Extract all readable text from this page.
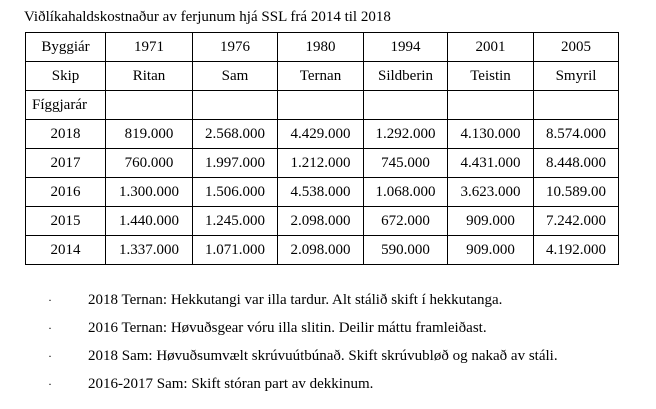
Viðlíkahaldskostnaður av ferjunum hjá SSL frá 2014 til 2018
Byggiár	1971	1976	1980	1994	2001	2005
Skip	Ritan	Sam	Ternan	Sildberin	Teistin	Smyril
Fíggjarár						
2018	819.000	2.568.000	4.429.000	1.292.000	4.130.000	8.574.000
2017	760.000	1.997.000	1.212.000	745.000	4.431.000	8.448.000
2016	1.300.000	1.506.000	4.538.000	1.068.000	3.623.000	10.589.00
2015	1.440.000	1.245.000	2.098.000	672.000	909.000	7.242.000
2014	1.337.000	1.071.000	2.098.000	590.000	909.000	4.192.000
· 2018 Ternan: Hekkutangi var illa tardur. Alt stálið skift í hekkutanga.
· 2016 Ternan: Høvuðsgear vóru illa slitin. Deilir máttu framleiðast.
· 2018 Sam: Høvuðsumvælt skrúvuútbúnað. Skift skrúvubløð og nakað av stáli.
· 2016-2017 Sam: Skift stóran part av dekkinum.
